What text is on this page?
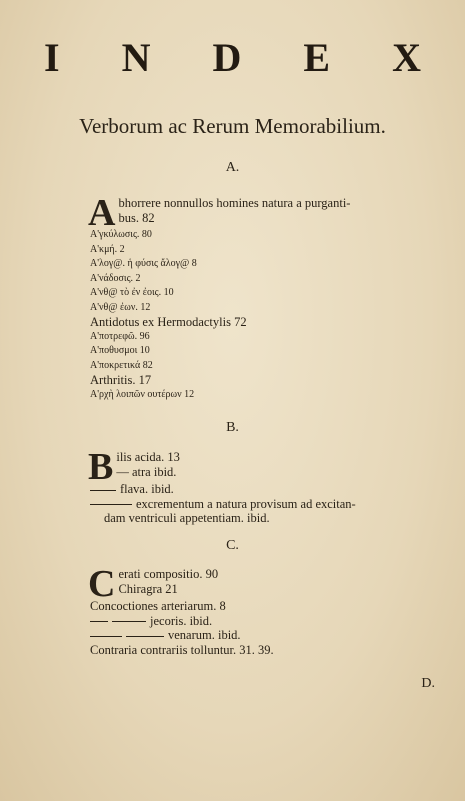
I N D E X
Verborum ac Rerum Memorabilium.
A.
A bhorrere nonnullos homines natura a purganti-
bus. 82
Α'γκύλωσις. 80
Α'κμή. 2
Α'λογ@. ἡ φύσις ἄλογ@ 8
Α'νάδοσις. 2
Α'νθ@ τὸ ἐν ἐοις. 10
Α'νθ@ ἐων. 12
Antidotus ex Hermodactylis 72
Α'ποτρεφῶ. 96
Α'ποθυσμοι 10
Α'ποκρετικά 82
Arthritis. 17
Α'ρχὴ λοιπῶν ουτέρων 12
B.
B ilis acida. 13
— atra ibid.
flava. ibid.
excrementum a natura provisum ad excitan-
dam ventriculi appetentiam. ibid.
C.
C erati compositio. 90
Chiragra 21
Concoctiones arteriarum. 8
jecoris. ibid.
venarum. ibid.
Contraria contrariis tolluntur. 31. 39.
D.
